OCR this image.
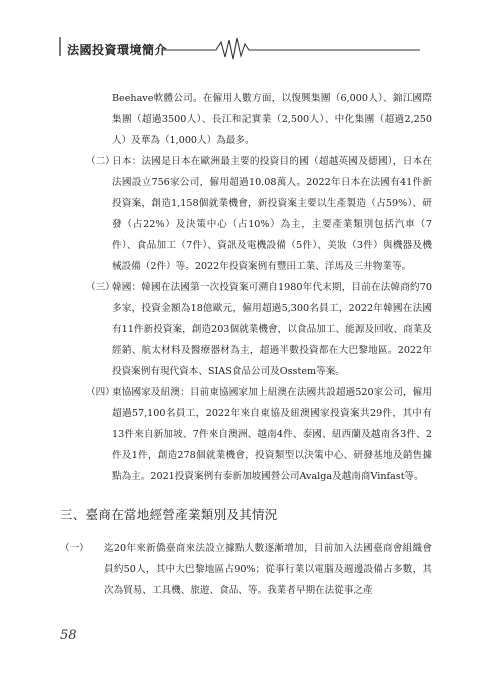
法國投資環境簡介
Beehave軟體公司。在僱用人數方面，以復興集團（6,000人）、錦江國際集團（超過3500人）、長江和記實業（2,500人）、中化集團（超過2,250人）及華為（1,000人）為最多。
（二）
日本：法國是日本在歐洲最主要的投資目的國（超越英國及德國），日本在法國設立756家公司，僱用超過10.08萬人。2022年日本在法國有41件新投資案，創造1,158個就業機會，新投資案主要以生產製造（占59%）、研發（占22%）及決策中心（占10%）為主，主要產業類別包括汽車（7件）、食品加工（7件）、資訊及電機設備（5件）、美妝（3件）與機器及機械設備（2件）等。2022年投資案例有豐田工業、洋馬及三井物業等。
（三）
韓國：韓國在法國第一次投資案可溯自1980年代末期，目前在法韓商約70多家，投資金額為18億歐元，僱用超過5,300名員工，2022年韓國在法國有11件新投資案，創造203個就業機會，以食品加工、能源及回收、商業及經銷、航太材料及醫療器材為主，超過半數投資都在大巴黎地區。2022年投資案例有現代資本、SIAS食品公司及Osstem等案。
（四）
東協國家及紐澳：目前東協國家加上紐澳在法國共設超過520家公司，僱用超過57,100名員工，2022年來自東協及紐澳國家投資案共29件，其中有13件來自新加坡、7件來自澳洲、越南4件、泰國、紐西蘭及越南各3件、2件及1件，創造278個就業機會，投資類型以決策中心、研發基地及銷售據點為主。2021投資案例有泰新加坡國營公司Avalga及越南商Vinfast等。
三、臺商在當地經營產業類別及其情況
（一） 迄20年來新僑臺商來法設立據點人數逐漸增加，目前加入法國臺商會組織會員約50人，其中大巴黎地區占90%；從事行業以電腦及週邊設備占多數，其次為貿易、工具機、旅遊、食品、等。我業者早期在法從事之產
58
